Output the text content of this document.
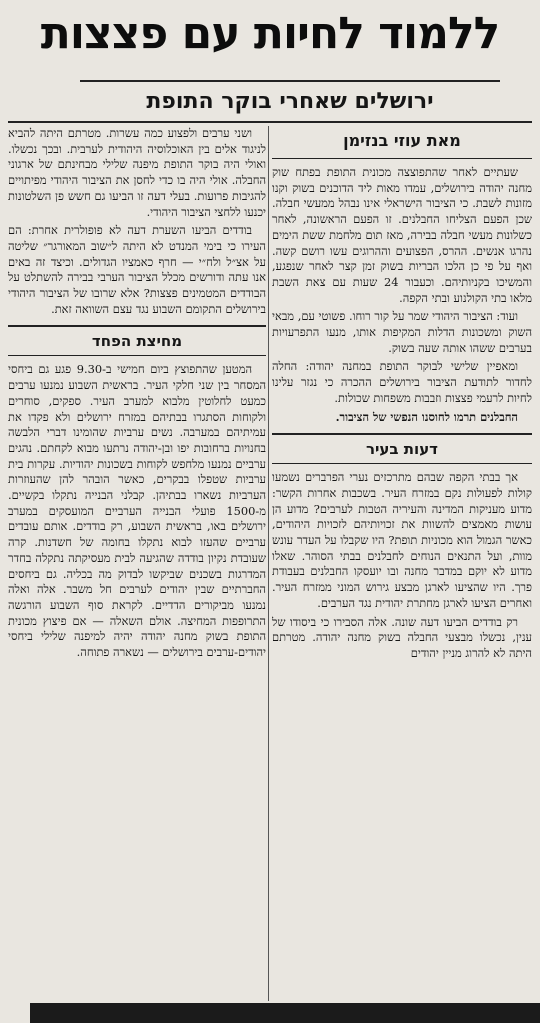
ללמוד לחיות עם פצצות
ירושלים שאחרי בוקר התופת
מאת עוזי בנזימן

שעתיים לאחר שהתפוצצה מכונית התופת בפתח שוק מחנה יהודה בירושלים, עמדו מאות ליד הדוכנים בשוק וקנו מזונות לשבת. כי הציבור הישראלי אינו נבהל ממעשי חבלה. שכן הפעם הצליחו החבלנים. זו הפעם הראשונה, לאחר כשלונות מעשי חבלה בבירה, מאז תום מלחמת ששת הימים נהרגו אנשים. ההרס, הפצועים וההרוגים עשו רושם קשה. ואף על פי כן הלכו הבריות בשוק זמן קצר לאחר שנפגע, והמשיכו בקניותיהם. וכעבור 24 שעות עם צאת השבת מלאו בתי הקולנוע ובתי הקפה.

ועוד: הציבור היהודי שמר על קור רוחו. פשוטי עם, מבאי השוק ומשכונות הדלות המקיפות אותו, מנעו התפרעויות בערבים ששהו אותה שעה בשוק.

ומאפיין שלישי לבוקר התופת במחנה יהודה: החלה לחדור לתודעת הציבור בירושלים ההכרה כי נגזר עלינו לחיות לרעמי פצצות וזבבות משפחות שכולות.

החבלנים תרמו לחוסנו הנפשי של הציבור.

דעות בעיר

אך בבתי הקפה שבהם מתרכזים נערי הפרברים נשמעו קולות לפעולות נקם במזרח העיר. בשכבות אחרות הקשר: מדוע מעניקות המדינה והעיריה הטבות לערבים? מדוע הן עושות מאמצים להשוות את זכויותיהם לזכויות היהודים, כאשר הגמול הוא מכוניות תופת? היו שקבלו על העדר עונש מוות, ועל התנאים הנוחים לחבלנים בבתי הסוהר. שאלו מדוע לא יוקם במדבר מחנה ובו יועסקו החבלנים בעבודת פרך. היו שהציעו לארגן מבצע גירוש המוני ממזרח העיר. ואחרים הציעו לארגן מחתרת יהודית נגד הערבים.

רק בודדים הביעו דעה שונה. אלה הסבירו כי ביסודו של ענין, נכשלו מבצעי החבלה בשוק מחנה יהודה. מטרתם היתה לא להרוג מניין יהודים

ושני ערבים ולפצוע כמה עשרות. מטרתם היתה להביא לניגוד אלים בין האוכלוסיה היהודית לערבית. ובכך נכשלו. ואולי היה בוקר התופת מיפנה שלילי מבחינתם של ארגוני החבלה. אולי היה בו כדי לחסן את הציבור היהודי מפיתויים להגיבות פרועות. בעלי דעה זו הביעו גם חשש פן השלטונות יכנעו ללחצי הציבור היהודי.

בודדים הביעו השערת דעה לא פופולרית אחרת: הם העירו כי בימי המנדט לא היתה ל״שוב המאורגר״ שליטה על אצ״ל ולח״י — חרף כאמציו הגדולים. וכיצד זה באים אנו עתה ודורשים מכלל הציבור הערבי בבירה להשתלט על הבודדים המטמינים פצצות? אלא שרובו של הציבור היהודי בירושלים התקומם השבוע נגד עצם השוואה זאת.

מחיצת הפחד

המטען שהתפוצץ ביום חמישי ב-9.30 פגע גם ביחסי המסחר בין שני חלקי העיר. בראשית השבוע נמנעו ערבים כמעט לחלוטין מלבוא למערב העיר. ספקים, סוחרים ולקוחות הסתגרו בבתיהם במזרח ירושלים ולא פקדו את עמיתיהם במערבה. נשים ערביות שהומינו דברי הלבשה בחנויות ברחובות יפו ובן-יהודה נרתעו מבוא לקחתם. נהגים ערביים נמנעו מלחפש לקוחות בשכונות יהודיות. עקרות בית ערביות שטפלו בבקרים, כאשר הובהר להן שהעוזרות הערביות נשארו בבתיהן. קבלני הבנייה נתקלו בקשיים. מ-1500 פועלי הבנייה הערביים המועסקים במערב ירושלים באו, בראשית השבוע, רק בודדים. אותם עובדים ערביים שהעזו לבוא נתקלו בחומה של חשדנות. קרה שעובדת נקיון בודדה שהגיעה לבית מעסיקתה נתקלה בחדר המדרגות בשכנים שביקשו לבדוק מה בכליה. גם ביחסים החברתיים שבין יהודים לערבים חל משבר. אלה ואלה נמנעו מביקורים הדדיים. לקראת סוף השבוע הורגשה התרופפות המחיצה. אולם השאלה — אם פיצוץ מכונית התופת בשוק מחנה יהודה יהיה למיפנה שלילי ביחסי יהודים-ערבים בירושלים — נשארה פתוחה.
